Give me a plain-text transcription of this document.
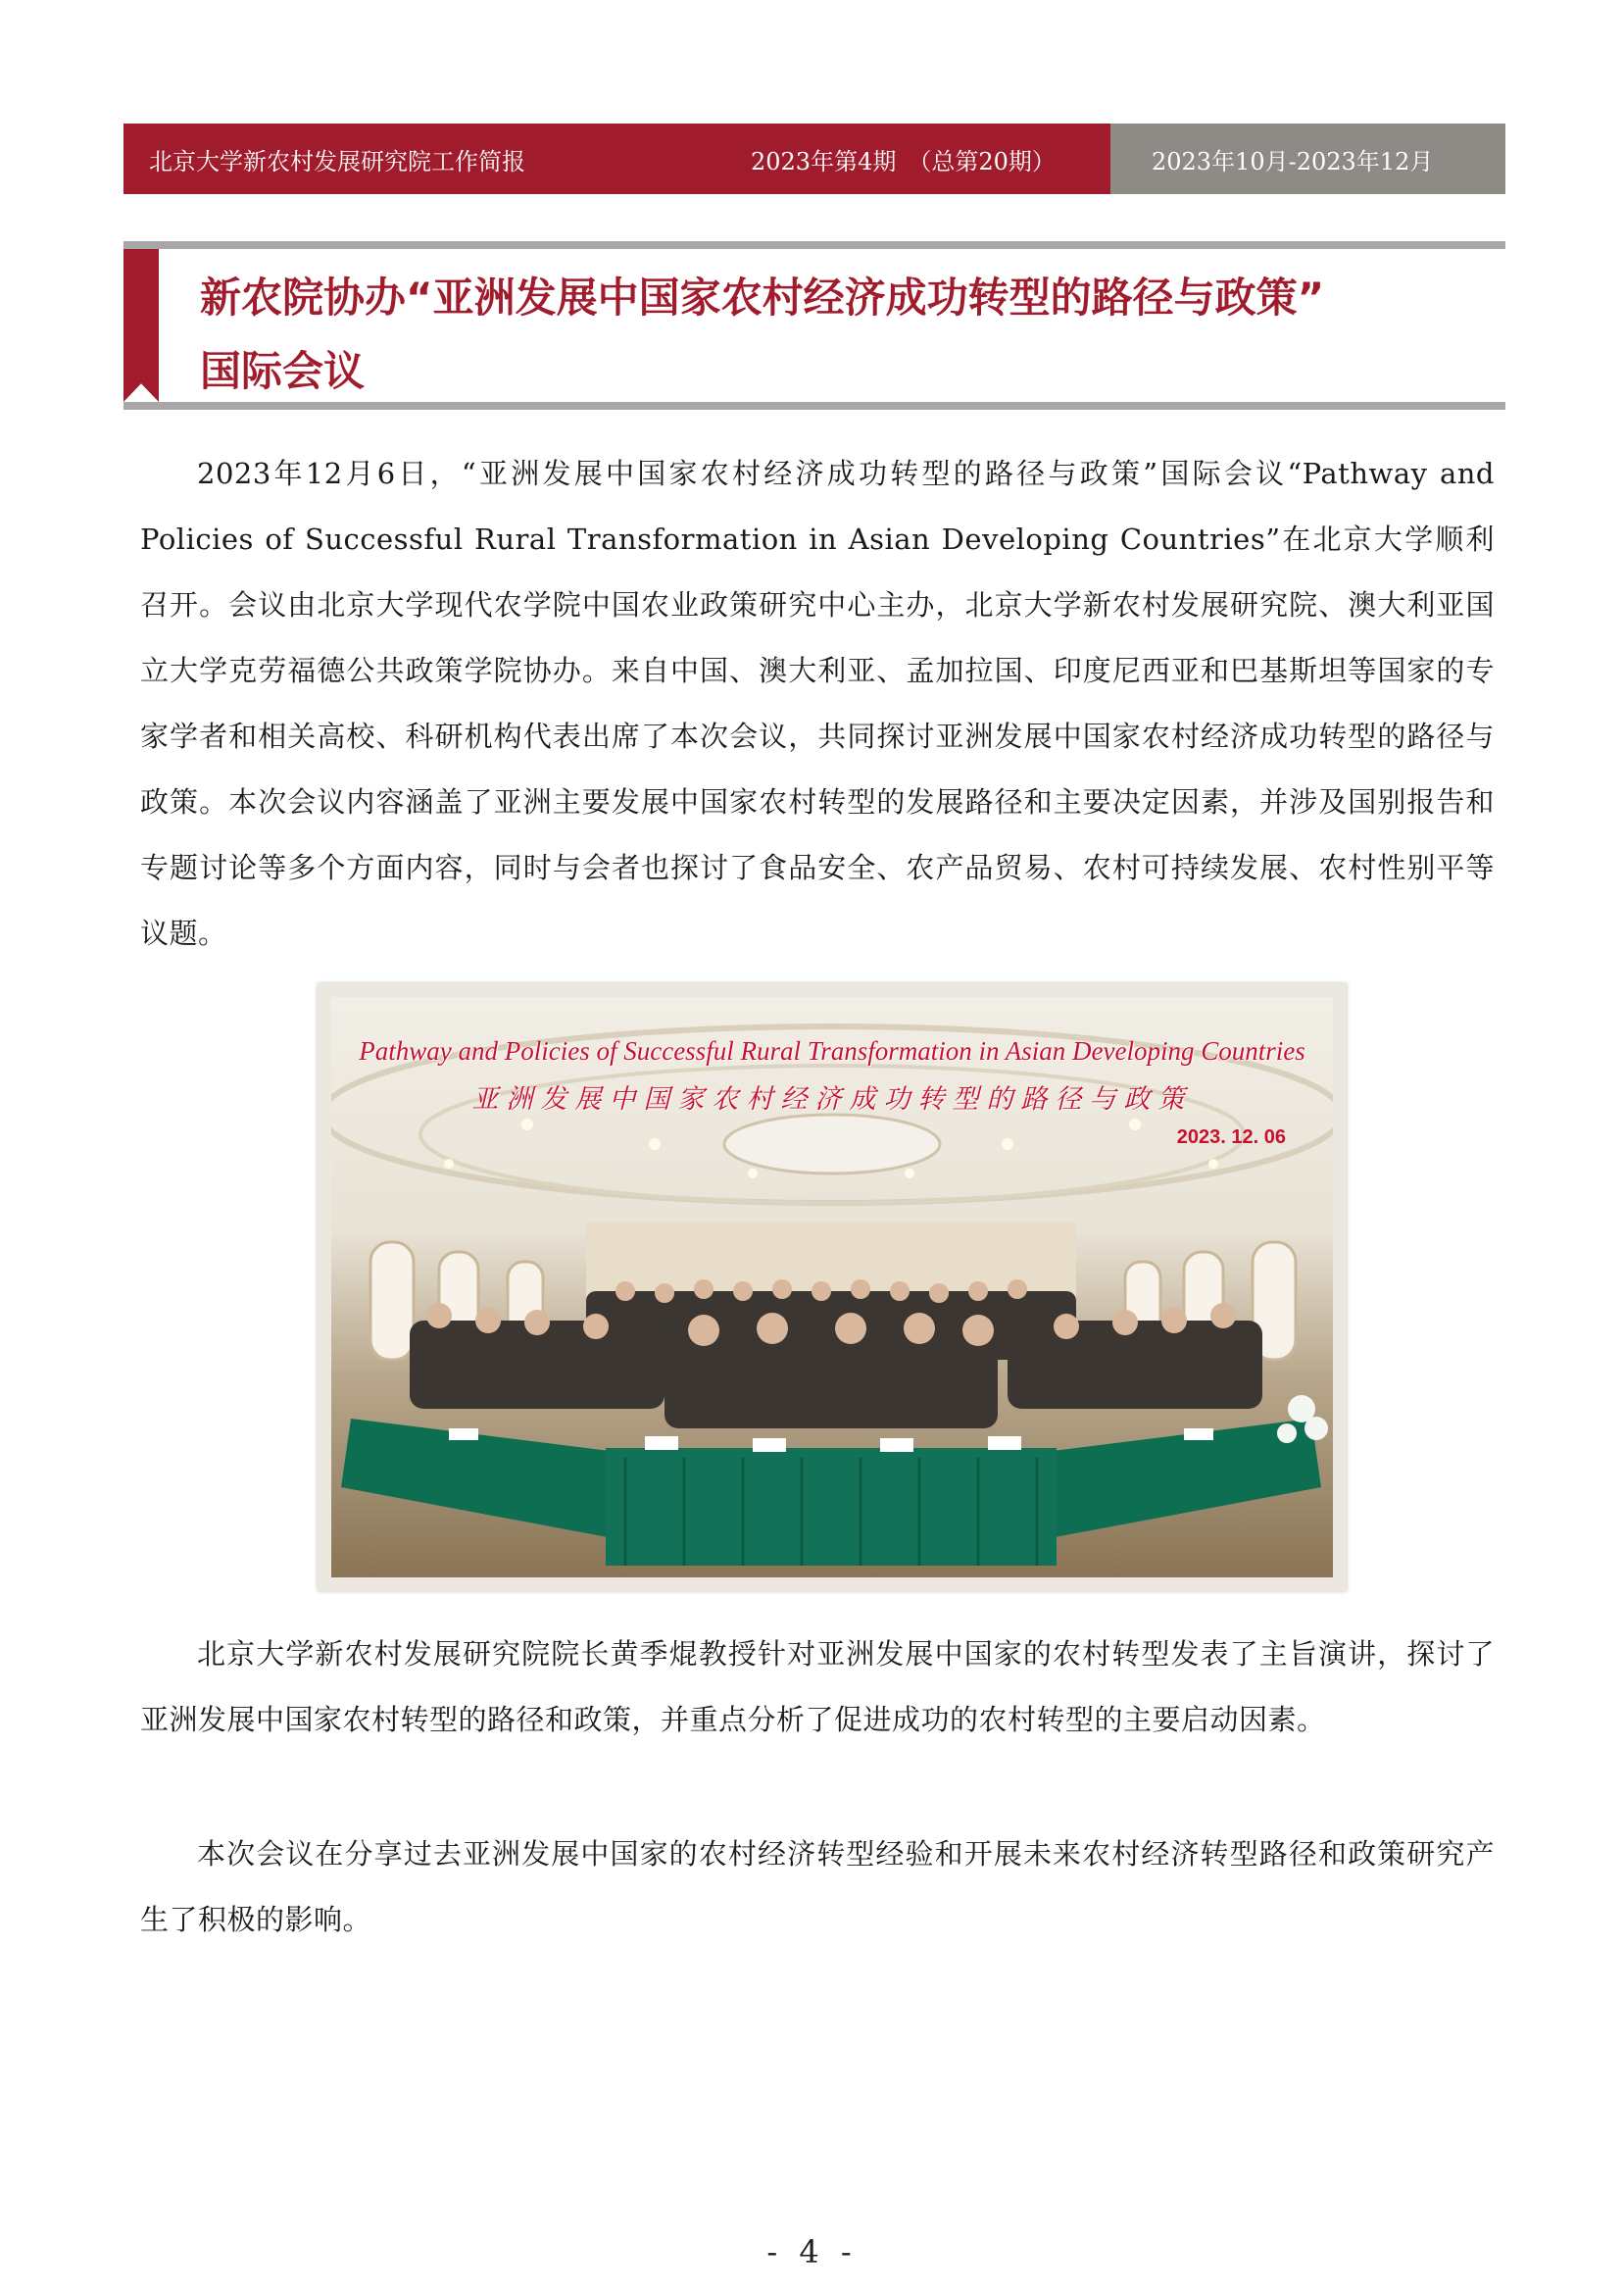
北京大学新农村发展研究院工作简报	2023年第4期　（总第20期）	2023年10月-2023年12月
新农院协办“亚洲发展中国家农村经济成功转型的路径与政策”
国际会议

2023年12月6日，“亚洲发展中国家农村经济成功转型的路径与政策”国际会议“Pathway and Policies of Successful Rural Transformation in Asian Developing Countries”在北京大学顺利召开。会议由北京大学现代农学院中国农业政策研究中心主办，北京大学新农村发展研究院、澳大利亚国立大学克劳福德公共政策学院协办。来自中国、澳大利亚、孟加拉国、印度尼西亚和巴基斯坦等国家的专家学者和相关高校、科研机构代表出席了本次会议，共同探讨亚洲发展中国家农村经济成功转型的路径与政策。本次会议内容涵盖了亚洲主要发展中国家农村转型的发展路径和主要决定因素，并涉及国别报告和专题讨论等多个方面内容，同时与会者也探讨了食品安全、农产品贸易、农村可持续发展、农村性别平等议题。

Pathway and Policies of Successful Rural Transformation in Asian Developing Countries
亚洲发展中国家农村经济成功转型的路径与政策
2023. 12. 06

北京大学新农村发展研究院院长黄季焜教授针对亚洲发展中国家的农村转型发表了主旨演讲，探讨了亚洲发展中国家农村转型的路径和政策，并重点分析了促进成功的农村转型的主要启动因素。

本次会议在分享过去亚洲发展中国家的农村经济转型经验和开展未来农村经济转型路径和政策研究产生了积极的影响。

- 4 -
